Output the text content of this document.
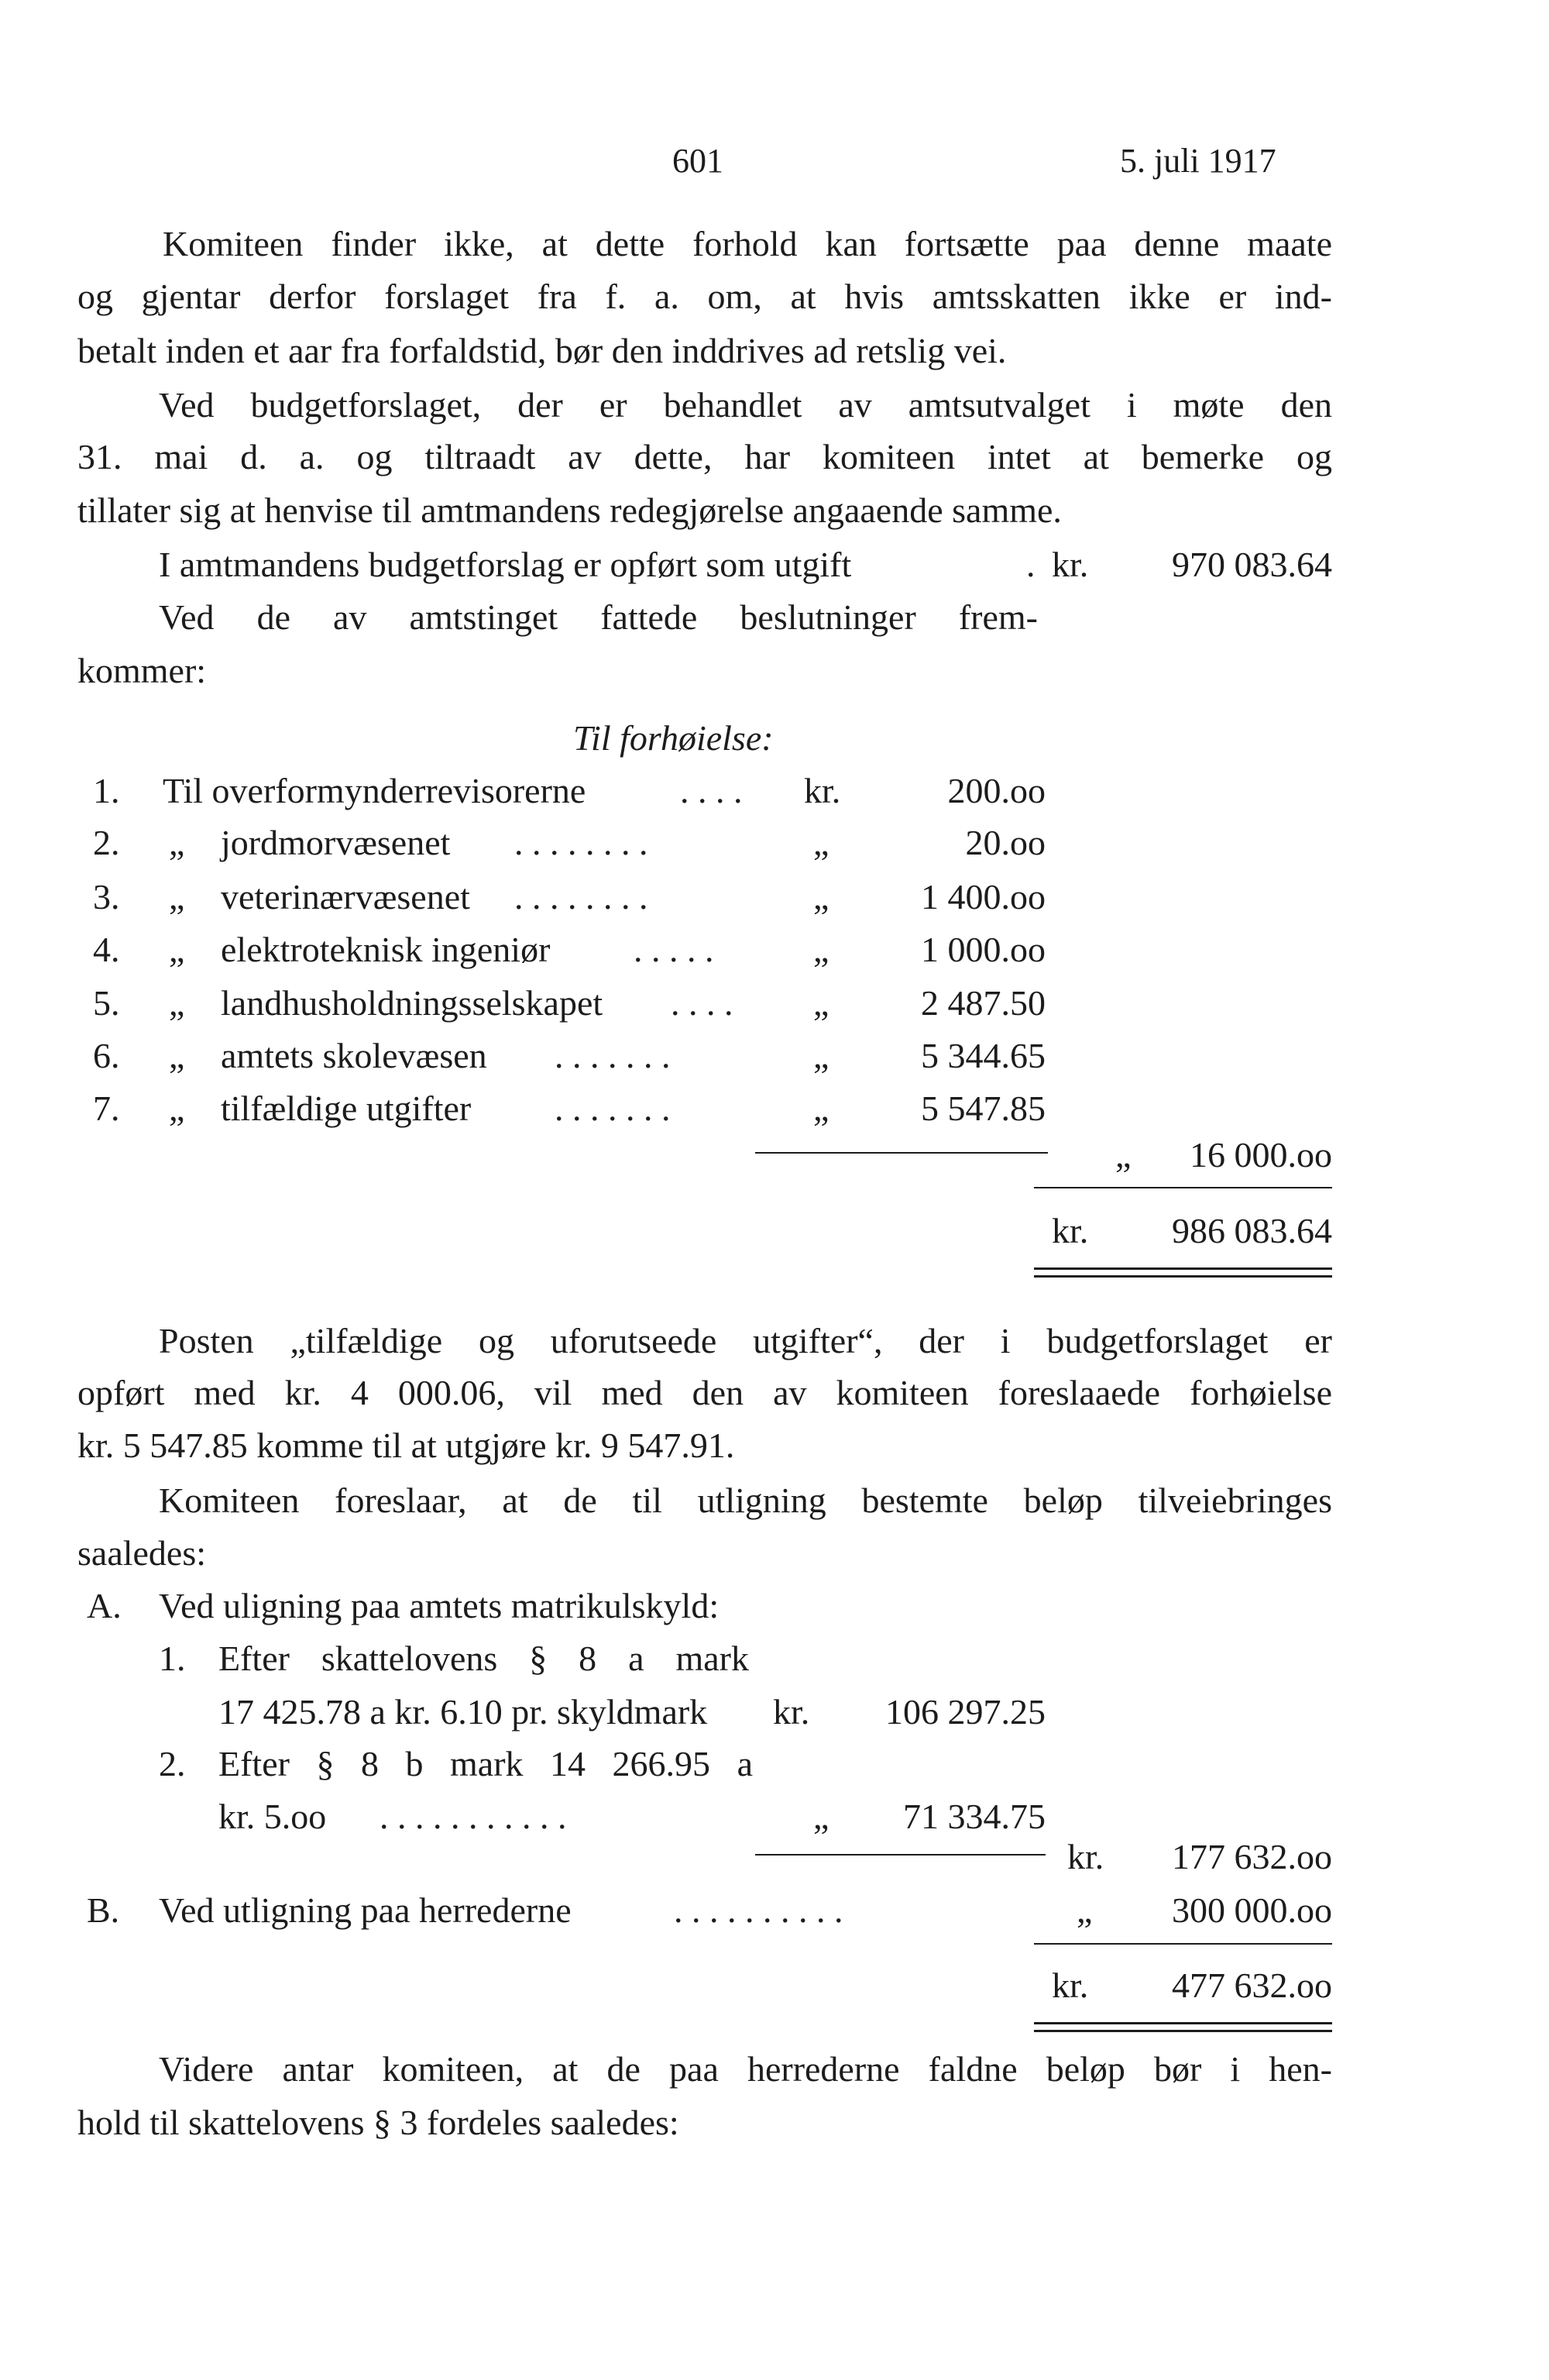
601	5. juli 1917
Komiteen finder ikke, at dette forhold kan fortsætte paa denne maate
og gjentar derfor forslaget fra f. a. om, at hvis amtsskatten ikke er ind-
betalt inden et aar fra forfaldstid, bør den inddrives ad retslig vei.
Ved budgetforslaget, der er behandlet av amtsutvalget i møte den
31. mai d. a. og tiltraadt av dette, har komiteen intet at bemerke og
tillater sig at henvise til amtmandens redegjørelse angaaende samme.
I amtmandens budgetforslag er opført som utgift	. kr.	970 083.64
Ved de av amtstinget fattede beslutninger frem-
kommer:
Til forhøielse:
1. Til overformynderrevisorerne	. . . . kr.	200.oo
2. „ jordmorvæsenet . . . . . . . .	„	20.oo
3. „ veterinærvæsenet . . . . . . . .	„	1 400.oo
4. „ elektroteknisk ingeniør . . . . .	„	1 000.oo
5. „ landhusholdningsselskapet . . . . „	2 487.50
6. „ amtets skolevæsen . . . . . . .	„	5 344.65
7. „ tilfældige utgifter . . . . . . .	„	5 547.85
„	16 000.oo
kr.	986 083.64
Posten „tilfældige og uforutseede utgifter“, der i budgetforslaget er
opført med kr. 4 000.06, vil med den av komiteen foreslaaede forhøielse
kr. 5 547.85 komme til at utgjøre kr. 9 547.91.
Komiteen foreslaar, at de til utligning bestemte beløp tilveiebringes
saaledes:
A. Ved uligning paa amtets matrikulskyld:
1. Efter skattelovens § 8 a mark
17 425.78 a kr. 6.10 pr. skyldmark kr.	106 297.25
2. Efter § 8 b mark 14 266.95 a
kr. 5.oo . . . . . . . . . . .	„	71 334.75
kr.	177 632.oo
B. Ved utligning paa herrederne	. . . . . . . . . .	„	300 000.oo
kr.	477 632.oo
Videre antar komiteen, at de paa herrederne faldne beløp bør i hen-
hold til skattelovens § 3 fordeles saaledes:
